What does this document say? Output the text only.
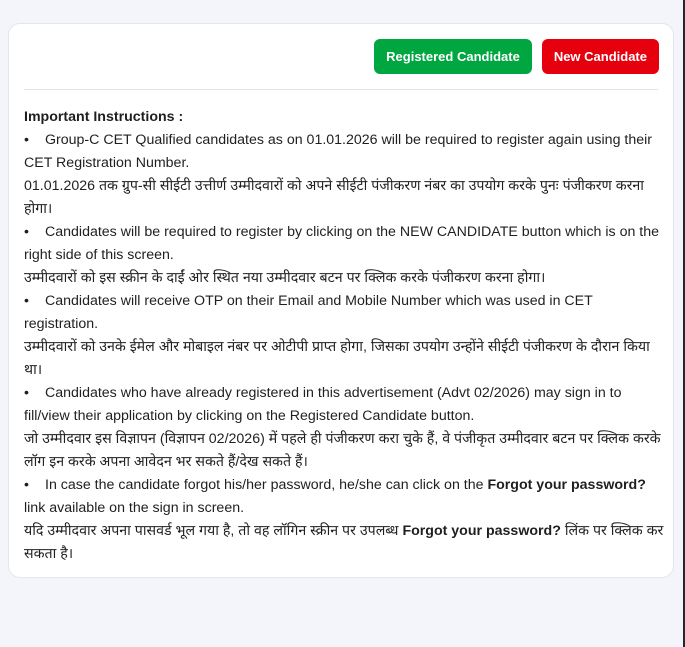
Registered Candidate	New Candidate

Important Instructions :

• Group-C CET Qualified candidates as on 01.01.2026 will be required to register again using their CET Registration Number.

01.01.2026 तक ग्रुप-सी सीईटी उत्तीर्ण उम्मीदवारों को अपने सीईटी पंजीकरण नंबर का उपयोग करके पुनः पंजीकरण करना होगा।

• Candidates will be required to register by clicking on the NEW CANDIDATE button which is on the right side of this screen.

उम्मीदवारों को इस स्क्रीन के दाईं ओर स्थित नया उम्मीदवार बटन पर क्लिक करके पंजीकरण करना होगा।

• Candidates will receive OTP on their Email and Mobile Number which was used in CET registration.

उम्मीदवारों को उनके ईमेल और मोबाइल नंबर पर ओटीपी प्राप्त होगा, जिसका उपयोग उन्होंने सीईटी पंजीकरण के दौरान किया था।

• Candidates who have already registered in this advertisement (Advt 02/2026) may sign in to fill/view their application by clicking on the Registered Candidate button.

जो उम्मीदवार इस विज्ञापन (विज्ञापन 02/2026) में पहले ही पंजीकरण करा चुके हैं, वे पंजीकृत उम्मीदवार बटन पर क्लिक करके लॉग इन करके अपना आवेदन भर सकते हैं/देख सकते हैं।

• In case the candidate forgot his/her password, he/she can click on the Forgot your password? link available on the sign in screen.

यदि उम्मीदवार अपना पासवर्ड भूल गया है, तो वह लॉगिन स्क्रीन पर उपलब्ध Forgot your password? लिंक पर क्लिक कर सकता है।
